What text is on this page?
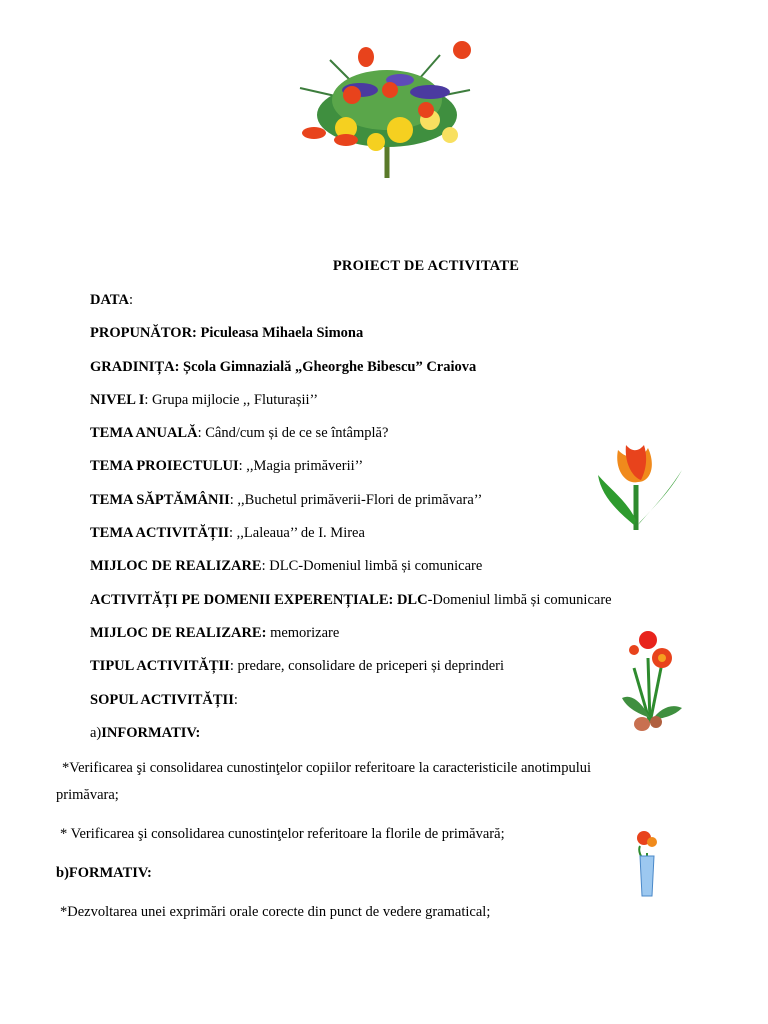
PROIECT DE ACTIVITATE
DATA:
PROPUNĂTOR: Piculeasa Mihaela Simona
GRADINIȚA: Școla Gimnazială „Gheorghe Bibescu” Craiova
NIVEL I: Grupa mijlocie ,, Fluturașii’’
TEMA ANUALĂ: Când/cum și de ce se întâmplă?
TEMA PROIECTULUI: ,,Magia primăverii’’
TEMA SĂPTĂMÂNII: ,,Buchetul primăverii-Flori de primăvara’’
TEMA ACTIVITĂȚII: ,,Laleaua’’ de I. Mirea
MIJLOC DE REALIZARE: DLC-Domeniul limbă și comunicare
ACTIVITĂȚI PE DOMENII EXPERENȚIALE: DLC-Domeniul limbă și comunicare
MIJLOC DE REALIZARE: memorizare
TIPUL ACTIVITĂȚII: predare, consolidare de priceperi și deprinderi
SOPUL ACTIVITĂȚII:
a)INFORMATIV:
*Verificarea şi consolidarea cunostinţelor copiilor referitoare la caracteristicile anotimpului
primăvara;
* Verificarea şi consolidarea cunostinţelor referitoare la florile de primăvară;
b)FORMATIV:
*Dezvoltarea unei exprimări orale corecte din punct de vedere gramatical;
